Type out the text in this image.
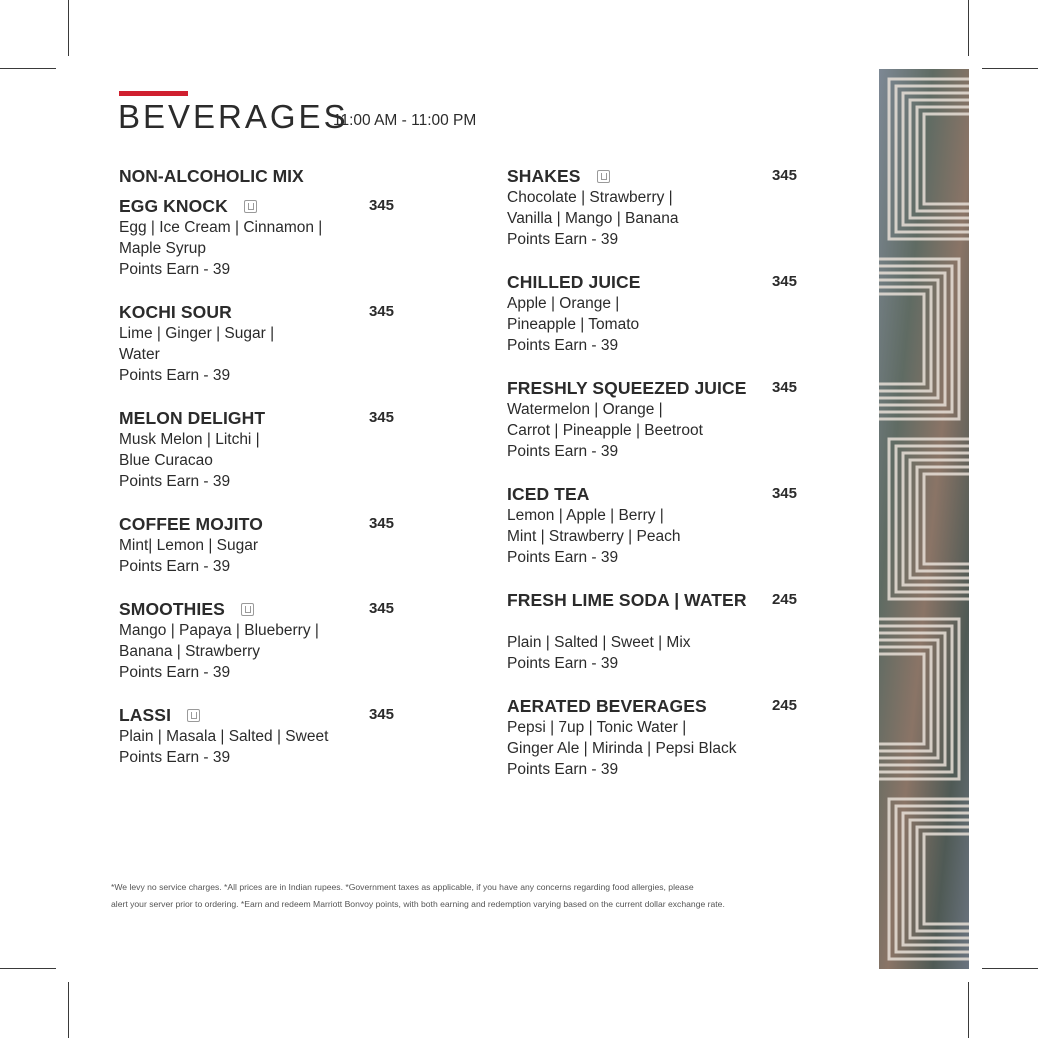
BEVERAGES
11:00 AM - 11:00 PM
NON-ALCOHOLIC MIX
EGG KNOCK	345
Egg | Ice Cream | Cinnamon |
Maple Syrup
Points Earn - 39
KOCHI SOUR	345
Lime | Ginger | Sugar |
Water
Points Earn - 39
MELON DELIGHT	345
Musk Melon | Litchi |
Blue Curacao
Points Earn - 39
COFFEE MOJITO	345
Mint| Lemon | Sugar
Points Earn - 39
SMOOTHIES	345
Mango | Papaya | Blueberry |
Banana | Strawberry
Points Earn - 39
LASSI	345
Plain | Masala | Salted | Sweet
Points Earn - 39
SHAKES	345
Chocolate | Strawberry |
Vanilla | Mango | Banana
Points Earn - 39
CHILLED JUICE	345
Apple | Orange |
Pineapple | Tomato
Points Earn - 39
FRESHLY SQUEEZED JUICE 345
Watermelon | Orange |
Carrot | Pineapple | Beetroot
Points Earn - 39
ICED TEA	345
Lemon | Apple | Berry |
Mint | Strawberry | Peach
Points Earn - 39
FRESH LIME SODA | WATER 245
Plain | Salted | Sweet | Mix
Points Earn - 39
AERATED BEVERAGES	245
Pepsi | 7up | Tonic Water |
Ginger Ale | Mirinda | Pepsi Black
Points Earn - 39
*We levy no service charges. *All prices are in Indian rupees. *Government taxes as applicable, if you have any concerns regarding food allergies, please
alert your server prior to ordering. *Earn and redeem Marriott Bonvoy points, with both earning and redemption varying based on the current dollar exchange rate.
